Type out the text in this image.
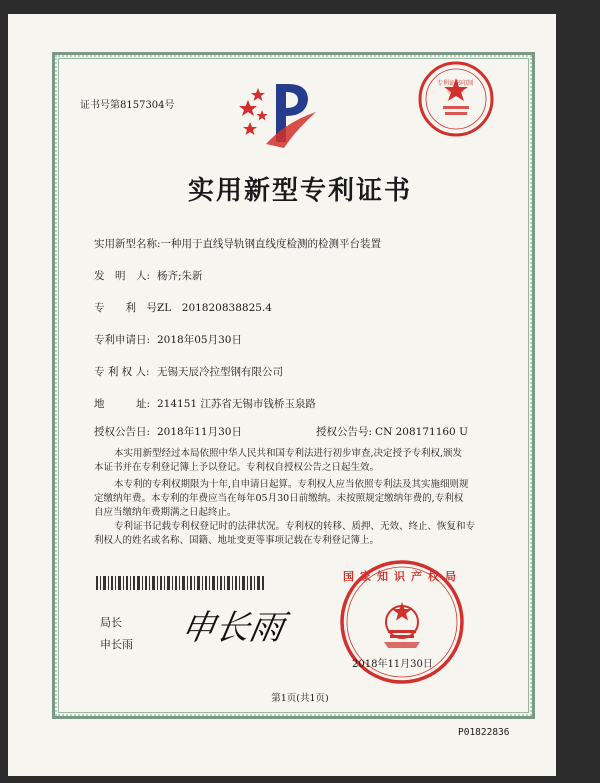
证书号第8157304号
实用新型专利证书
实用新型名称:一种用于直线导轨钢直线度检测的检测平台装置
发　明　人: 杨齐;朱新
专　　利　号:ZL　201820838825.4
专利申请日: 2018年05月30日
专 利 权 人: 无锡天辰冷拉型钢有限公司
地　　　址: 214151 江苏省无锡市钱桥玉泉路
授权公告日: 2018年11月30日	授权公告号: CN 208171160 U
本实用新型经过本局依照中华人民共和国专利法进行初步审查,决定授予专利权,颁发
本证书并在专利登记簿上予以登记。专利权自授权公告之日起生效。
本专利的专利权期限为十年,自申请日起算。专利权人应当依照专利法及其实施细则规
定缴纳年费。本专利的年费应当在每年05月30日前缴纳。未按照规定缴纳年费的,专利权
自应当缴纳年费期满之日起终止。
专利证书记载专利权登记时的法律状况。专利权的转移、质押、无效、终止、恢复和专
利权人的姓名或名称、国籍、地址变更等事项记载在专利登记簿上。
局长
申长雨 申长雨
国家知识产权局
2018年11月30日
专利证书印制专用章
第1页(共1页)
P01822836
